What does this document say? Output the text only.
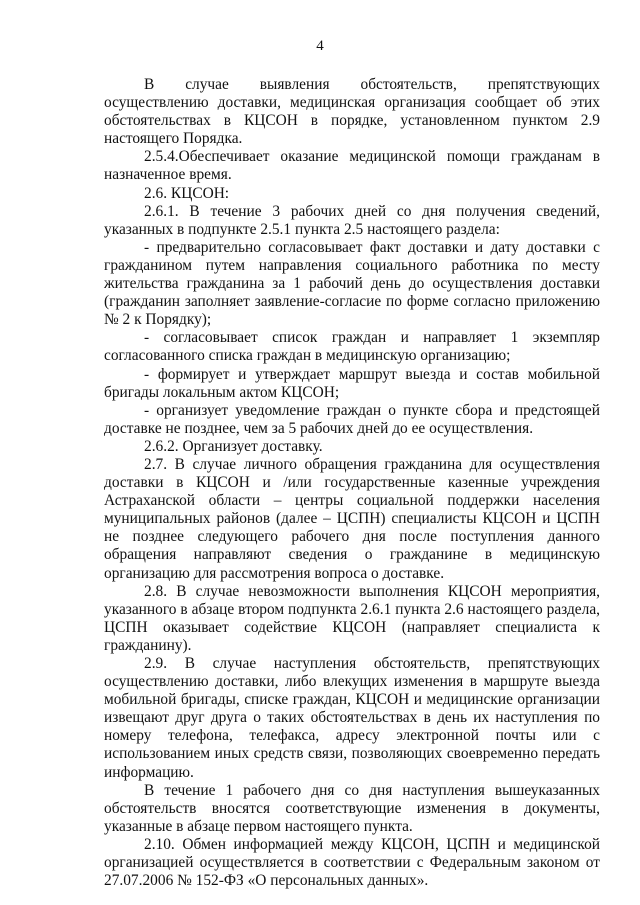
4

В случае выявления обстоятельств, препятствующих осуществлению доставки, медицинская организация сообщает об этих обстоятельствах в КЦСОН в порядке, установленном пунктом 2.9 настоящего Порядка.

2.5.4.Обеспечивает оказание медицинской помощи гражданам в назначенное время.

2.6. КЦСОН:

2.6.1. В течение 3 рабочих дней со дня получения сведений, указанных в подпункте 2.5.1 пункта 2.5 настоящего раздела:

- предварительно согласовывает факт доставки и дату доставки с гражданином путем направления социального работника по месту жительства гражданина за 1 рабочий день до осуществления доставки (гражданин заполняет заявление-согласие по форме согласно приложению № 2 к Порядку);

- согласовывает список граждан и направляет 1 экземпляр согласованного списка граждан в медицинскую организацию;

- формирует и утверждает маршрут выезда и состав мобильной бригады локальным актом КЦСОН;

- организует уведомление граждан о пункте сбора и предстоящей доставке не позднее, чем за 5 рабочих дней до ее осуществления.

2.6.2. Организует доставку.

2.7. В случае личного обращения гражданина для осуществления доставки в КЦСОН и /или государственные казенные учреждения Астраханской области – центры социальной поддержки населения муниципальных районов (далее – ЦСПН) специалисты КЦСОН и ЦСПН не позднее следующего рабочего дня после поступления данного обращения направляют сведения о гражданине в медицинскую организацию для рассмотрения вопроса о доставке.

2.8. В случае невозможности выполнения КЦСОН мероприятия, указанного в абзаце втором подпункта 2.6.1 пункта 2.6 настоящего раздела, ЦСПН оказывает содействие КЦСОН (направляет специалиста к гражданину).

2.9. В случае наступления обстоятельств, препятствующих осуществлению доставки, либо влекущих изменения в маршруте выезда мобильной бригады, списке граждан, КЦСОН и медицинские организации извещают друг друга о таких обстоятельствах в день их наступления по номеру телефона, телефакса, адресу электронной почты или с использованием иных средств связи, позволяющих своевременно передать информацию.

В течение 1 рабочего дня со дня наступления вышеуказанных обстоятельств вносятся соответствующие изменения в документы, указанные в абзаце первом настоящего пункта.

2.10. Обмен информацией между КЦСОН, ЦСПН и медицинской организацией осуществляется в соответствии с Федеральным законом от 27.07.2006 № 152-ФЗ «О персональных данных».
